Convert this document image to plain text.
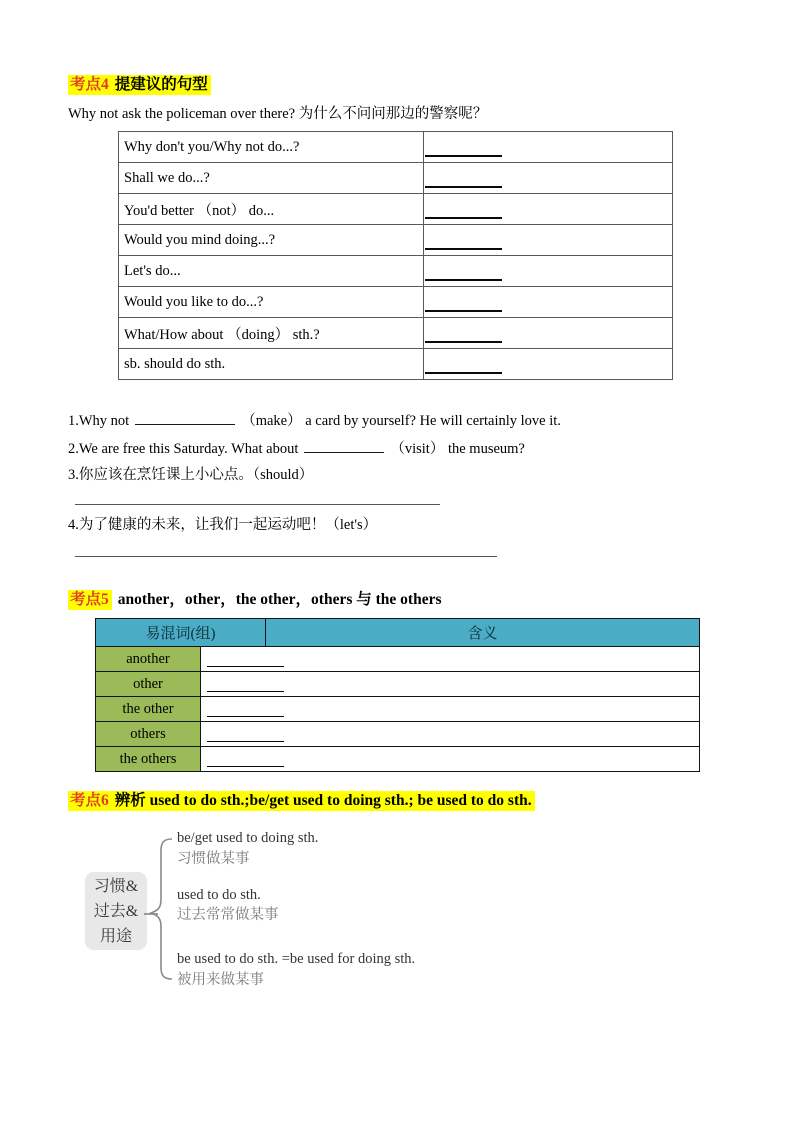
考点4 提建议的句型
Why not ask the policeman over there? 为什么不问问那边的警察呢？
Why don't you/Why not do...?	

Shall we do...?	

You'd better （not） do...	

Would you mind doing...?	

Let's do...	

Would you like to do...?	

What/How about （doing） sth.?	

sb. should do sth.	
1.Why not	（make） a card by yourself? He will certainly love it.
2.We are free this Saturday. What about	（visit） the museum?
3.你应该在烹饪课上小心点。（should）
4.为了健康的未来，让我们一起运动吧！（let's）
考点5 another，other，the other，others 与 the others
易混词(组)	含义
another
other
the other
others
the others
考点6 辨析 used to do sth.;be/get used to doing sth.; be used to do sth.
习惯&
过去&
用途
be/get used to doing sth.
习惯做某事
used to do sth.
过去常常做某事
be used to do sth. =be used for doing sth.
被用来做某事
